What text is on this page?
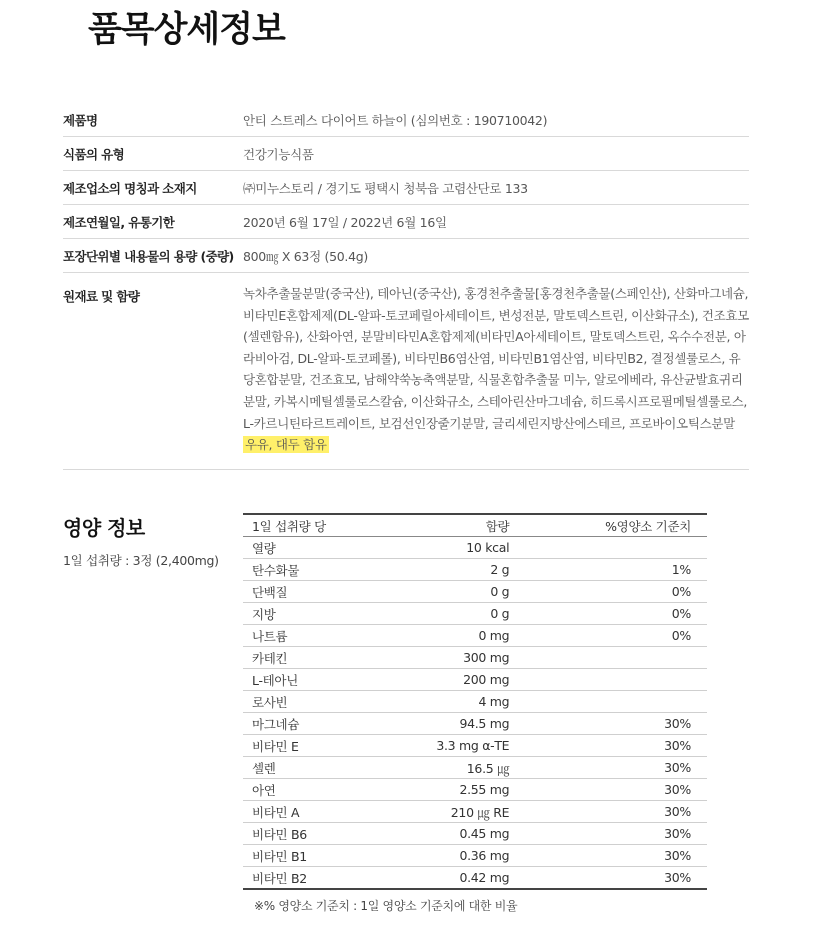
품목상세정보
제품명	안티 스트레스 다이어트 하늘이 (심의번호 : 190710042)
식품의 유형	건강기능식품
제조업소의 명칭과 소재지	㈜미누스토리 / 경기도 평택시 청북읍 고렴산단로 133
제조연월일, 유통기한	2020년 6월 17일 / 2022년 6월 16일
포장단위별 내용물의 용량 (중량) 800㎎ X 63정 (50.4g)
원재료 및 함량	녹차추출물분말(중국산), 테아닌(중국산), 홍경천추출물[홍경천추출물(스페인산), 산화마그네슘, 비타민E혼합제제(DL-알파-토코페릴아세테이트, 변성전분, 말토덱스트린, 이산화규소), 건조효모(셀렌함유), 산화아연, 분말비타민A혼합제제(비타민A아세테이트, 말토덱스트린, 옥수수전분, 아라비아검, DL-알파-토코페롤), 비타민B6염산염, 비타민B1염산염, 비타민B2, 결정셀룰로스, 유당혼합분말, 건조효모, 남해약쑥농축액분말, 식물혼합추출물 미누, 알로에베라, 유산균발효귀리분말, 카복시메틸셀룰로스칼슘, 이산화규소, 스테아린산마그네슘, 히드록시프로필메틸셀룰로스, L-카르니틴타르트레이트, 보검선인장줄기분말, 글리세린지방산에스테르, 프로바이오틱스분말 우유, 대두 함유
영양 정보
1일 섭취량 : 3정 (2,400mg)
1일 섭취량 당	함량	%영양소 기준치
열량	10 kcal	
탄수화물	2 g	1%
단백질	0 g	0%
지방	0 g	0%
나트륨	0 mg	0%
카테킨	300 mg	
L-테아닌	200 mg	
로사빈	4 mg	
마그네슘	94.5 mg	30%
비타민 E	3.3 mg α-TE	30%
셀렌	16.5 ㎍	30%
아연	2.55 mg	30%
비타민 A	210 ㎍ RE	30%
비타민 B6	0.45 mg	30%
비타민 B1	0.36 mg	30%
비타민 B2	0.42 mg	30%
※% 영양소 기준치 : 1일 영양소 기준치에 대한 비율
